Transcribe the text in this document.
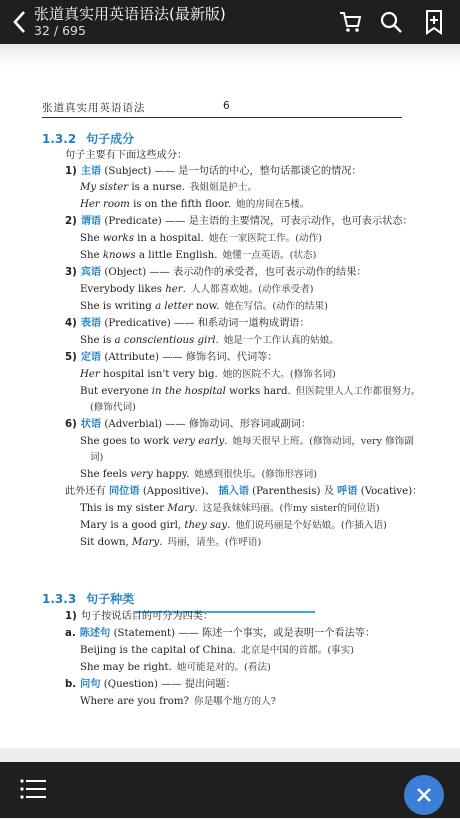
张道真实用英语语法(最新版)
32 / 695
张道真实用英语语法	6
1.3.2 句子成分
句子主要有下面这些成分：
1) 主语 (Subject) —— 是一句话的中心，整句话都谈它的情况：
My sister is a nurse. 我姐姐是护士。
Her room is on the fifth floor. 她的房间在5楼。
2) 谓语 (Predicate) —— 是主语的主要情况，可表示动作，也可表示状态：
She works in a hospital. 她在一家医院工作。(动作)
She knows a little English. 她懂一点英语。(状态)
3) 宾语 (Object) —— 表示动作的承受者，也可表示动作的结果：
Everybody likes her. 人人都喜欢她。(动作承受者)
She is writing a letter now. 她在写信。(动作的结果)
4) 表语 (Predicative) —— 和系动词一道构成谓语：
She is a conscientious girl. 她是一个工作认真的姑娘。
5) 定语 (Attribute) —— 修饰名词、代词等：
Her hospital isn't very big. 她的医院不大。(修饰名词)
But everyone in the hospital works hard. 但医院里人人工作都很努力。
(修饰代词)
6) 状语 (Adverbial) —— 修饰动词、形容词或副词：
She goes to work very early. 她每天很早上班。(修饰动词，very 修饰副
词)
She feels very happy. 她感到很快乐。(修饰形容词)
此外还有 同位语 (Appositive)、 插入语 (Parenthesis) 及 呼语 (Vocative)：
This is my sister Mary. 这是我妹妹玛丽。(作my sister的同位语)
Mary is a good girl, they say. 他们说玛丽是个好姑娘。(作插入语)
Sit down, Mary. 玛丽，请坐。(作呼语)
1.3.3 句子种类
1) 句子按说话目的可分为四类：
a. 陈述句 (Statement) —— 陈述一个事实，或是表明一个看法等：
Beijing is the capital of China. 北京是中国的首都。(事实)
She may be right. 她可能是对的。(看法)
b. 问句 (Question) —— 提出问题：
Where are you from? 你是哪个地方的人?
